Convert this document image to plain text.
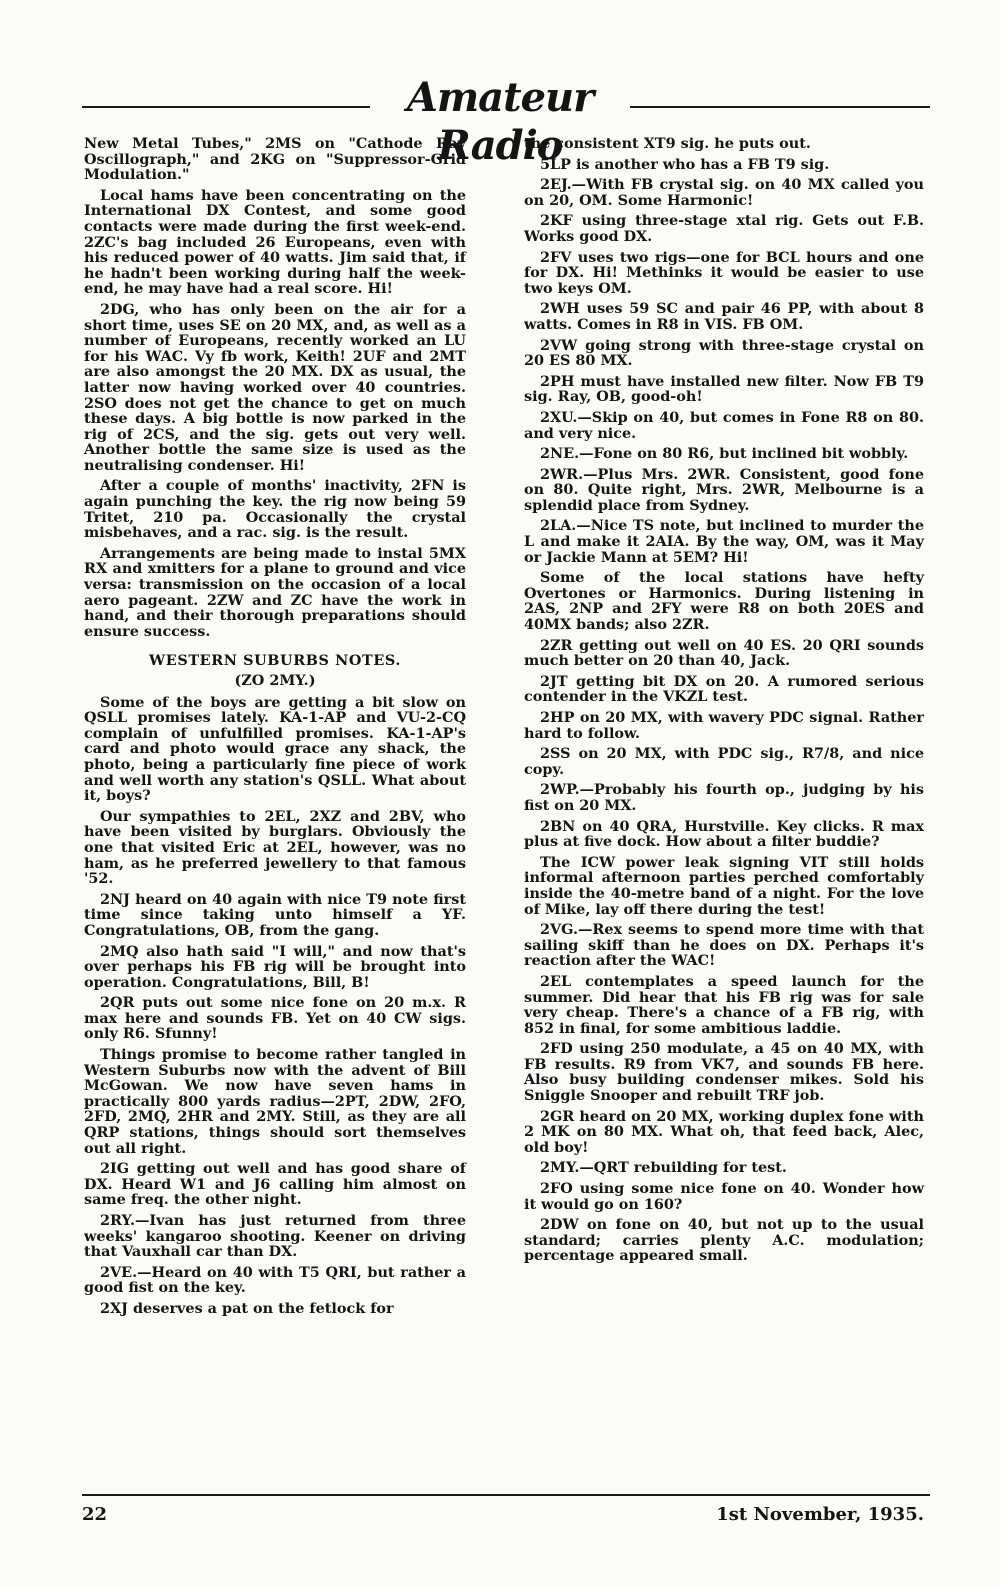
Amateur Radio

New Metal Tubes," 2MS on "Cathode Ray Oscillograph," and 2KG on "Suppressor-Grid Modulation."

Local hams have been concentrating on the International DX Contest, and some good contacts were made during the first week-end. 2ZC's bag included 26 Europeans, even with his reduced power of 40 watts. Jim said that, if he hadn't been working during half the week-end, he may have had a real score. Hi!

2DG, who has only been on the air for a short time, uses SE on 20 MX, and, as well as a number of Europeans, recently worked an LU for his WAC. Vy fb work, Keith! 2UF and 2MT are also amongst the 20 MX. DX as usual, the latter now having worked over 40 countries. 2SO does not get the chance to get on much these days. A big bottle is now parked in the rig of 2CS, and the sig. gets out very well. Another bottle the same size is used as the neutralising condenser. Hi!

After a couple of months' inactivity, 2FN is again punching the key. the rig now being 59 Tritet, 210 pa. Occasionally the crystal misbehaves, and a rac. sig. is the result.

Arrangements are being made to instal 5MX RX and xmitters for a plane to ground and vice versa: transmission on the occasion of a local aero pageant. 2ZW and ZC have the work in hand, and their thorough preparations should ensure success.

WESTERN SUBURBS NOTES.
(ZO 2MY.)

Some of the boys are getting a bit slow on QSLL promises lately. KA-1-AP and VU-2-CQ complain of unfulfilled promises. KA-1-AP's card and photo would grace any shack, the photo, being a particularly fine piece of work and well worth any station's QSLL. What about it, boys?

Our sympathies to 2EL, 2XZ and 2BV, who have been visited by burglars. Obviously the one that visited Eric at 2EL, however, was no ham, as he preferred jewellery to that famous '52.

2NJ heard on 40 again with nice T9 note first time since taking unto himself a YF. Congratulations, OB, from the gang.

2MQ also hath said "I will," and now that's over perhaps his FB rig will be brought into operation. Congratulations, Bill, B!

2QR puts out some nice fone on 20 m.x. R max here and sounds FB. Yet on 40 CW sigs. only R6. Sfunny!

Things promise to become rather tangled in Western Suburbs now with the advent of Bill McGowan. We now have seven hams in practically 800 yards radius—2PT, 2DW, 2FO, 2FD, 2MQ, 2HR and 2MY. Still, as they are all QRP stations, things should sort themselves out all right.

2IG getting out well and has good share of DX. Heard W1 and J6 calling him almost on same freq. the other night.

2RY.—Ivan has just returned from three weeks' kangaroo shooting. Keener on driving that Vauxhall car than DX.

2VE.—Heard on 40 with T5 QRI, but rather a good fist on the key.

2XJ deserves a pat on the fetlock for

the consistent XT9 sig. he puts out.

5LP is another who has a FB T9 sig.

2EJ.—With FB crystal sig. on 40 MX called you on 20, OM. Some Harmonic!

2KF using three-stage xtal rig. Gets out F.B. Works good DX.

2FV uses two rigs—one for BCL hours and one for DX. Hi! Methinks it would be easier to use two keys OM.

2WH uses 59 SC and pair 46 PP, with about 8 watts. Comes in R8 in VIS. FB OM.

2VW going strong with three-stage crystal on 20 ES 80 MX.

2PH must have installed new filter. Now FB T9 sig. Ray, OB, good-oh!

2XU.—Skip on 40, but comes in Fone R8 on 80. and very nice.

2NE.—Fone on 80 R6, but inclined bit wobbly.

2WR.—Plus Mrs. 2WR. Consistent, good fone on 80. Quite right, Mrs. 2WR, Melbourne is a splendid place from Sydney.

2LA.—Nice TS note, but inclined to murder the L and make it 2AIA. By the way, OM, was it May or Jackie Mann at 5EM? Hi!

Some of the local stations have hefty Overtones or Harmonics. During listening in 2AS, 2NP and 2FY were R8 on both 20ES and 40MX bands; also 2ZR.

2ZR getting out well on 40 ES. 20 QRI sounds much better on 20 than 40, Jack.

2JT getting bit DX on 20. A rumored serious contender in the VKZL test.

2HP on 20 MX, with wavery PDC signal. Rather hard to follow.

2SS on 20 MX, with PDC sig., R7/8, and nice copy.

2WP.—Probably his fourth op., judging by his fist on 20 MX.

2BN on 40 QRA, Hurstville. Key clicks. R max plus at five dock. How about a filter buddie?

The ICW power leak signing VIT still holds informal afternoon parties perched comfortably inside the 40-metre band of a night. For the love of Mike, lay off there during the test!

2VG.—Rex seems to spend more time with that sailing skiff than he does on DX. Perhaps it's reaction after the WAC!

2EL contemplates a speed launch for the summer. Did hear that his FB rig was for sale very cheap. There's a chance of a FB rig, with 852 in final, for some ambitious laddie.

2FD using 250 modulate, a 45 on 40 MX, with FB results. R9 from VK7, and sounds FB here. Also busy building condenser mikes. Sold his Sniggle Snooper and rebuilt TRF job.

2GR heard on 20 MX, working duplex fone with 2 MK on 80 MX. What oh, that feed back, Alec, old boy!

2MY.—QRT rebuilding for test.

2FO using some nice fone on 40. Wonder how it would go on 160?

2DW on fone on 40, but not up to the usual standard; carries plenty A.C. modulation; percentage appeared small.

22	1st November, 1935.
